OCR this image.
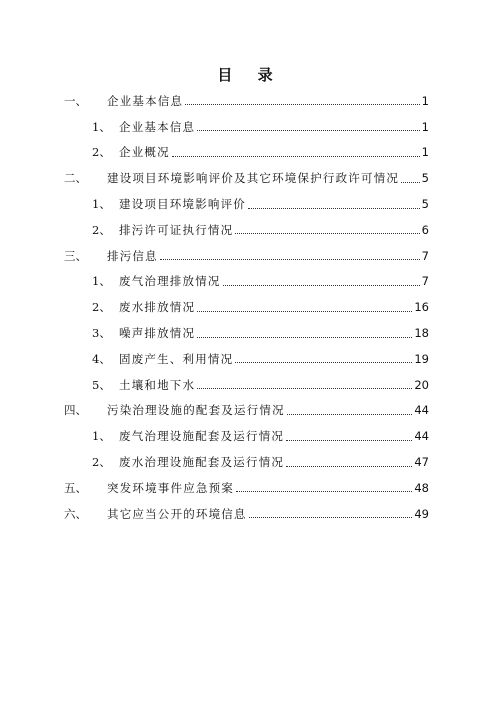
目 录
一、	企业基本信息	1
1、 企业基本信息	1
2、 企业概况	1
二、	建设项目环境影响评价及其它环境保护行政许可情况 5
1、 建设项目环境影响评价	5
2、 排污许可证执行情况	6
三、	排污信息	7
1、 废气治理排放情况	7
2、 废水排放情况	16
3、 噪声排放情况	18
4、 固废产生、利用情况	19
5、 土壤和地下水	20
四、	污染治理设施的配套及运行情况	44
1、 废气治理设施配套及运行情况	44
2、 废水治理设施配套及运行情况	47
五、	突发环境事件应急预案	48
六、	其它应当公开的环境信息	49
